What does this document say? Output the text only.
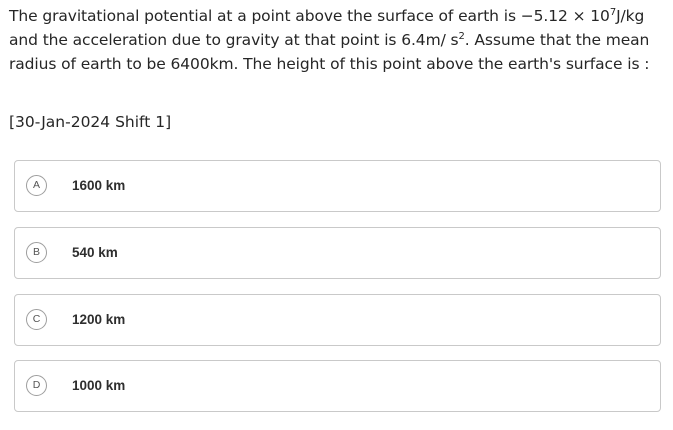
The gravitational potential at a point above the surface of earth is $-5.12 \times 10^7J/kg$ and the acceleration due to gravity at that point is 6.4m/ $s^2$. Assume that the mean radius of earth to be 6400km. The height of this point above the earth's surface is :
[30-Jan-2024 Shift 1]
A	1600 km
B	540 km
C	1200 km
D	1000 km
